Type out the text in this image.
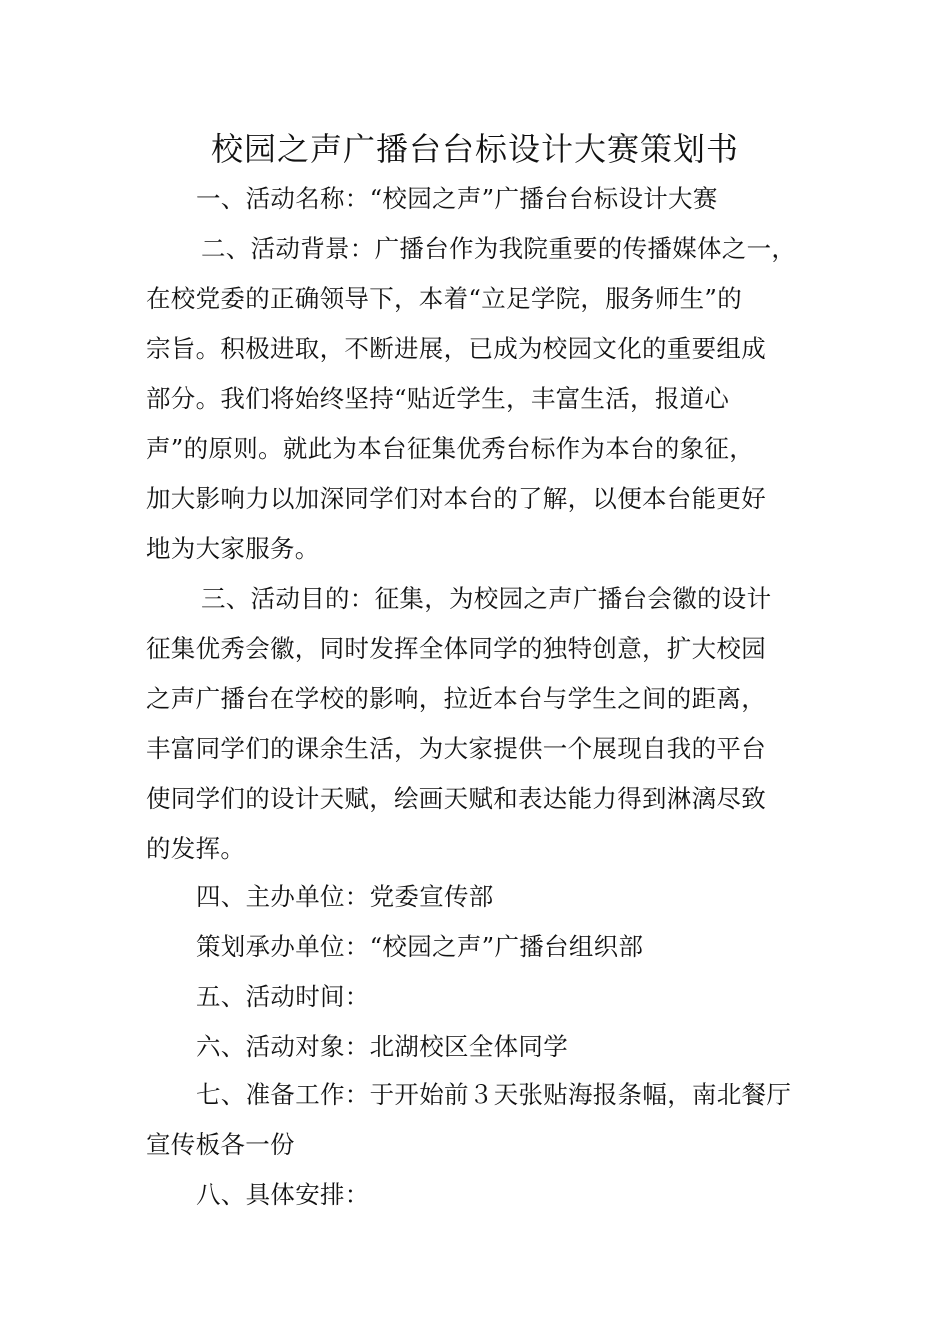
校园之声广播台台标设计大赛策划书
一、活动名称：“校园之声”广播台台标设计大赛
二、活动背景：广播台作为我院重要的传播媒体之一，
在校党委的正确领导下，本着“立足学院，服务师生”的
宗旨。积极进取，不断进展，已成为校园文化的重要组成
部分。我们将始终坚持“贴近学生，丰富生活，报道心
声”的原则。就此为本台征集优秀台标作为本台的象征，
加大影响力以加深同学们对本台的了解，以便本台能更好
地为大家服务。
三、活动目的：征集，为校园之声广播台会徽的设计
征集优秀会徽，同时发挥全体同学的独特创意，扩大校园
之声广播台在学校的影响，拉近本台与学生之间的距离，
丰富同学们的课余生活，为大家提供一个展现自我的平台
使同学们的设计天赋，绘画天赋和表达能力得到淋漓尽致
的发挥。
四、主办单位：党委宣传部
策划承办单位：“校园之声”广播台组织部
五、活动时间：
六、活动对象：北湖校区全体同学
七、准备工作：于开始前３天张贴海报条幅，南北餐厅
宣传板各一份
八、具体安排：
